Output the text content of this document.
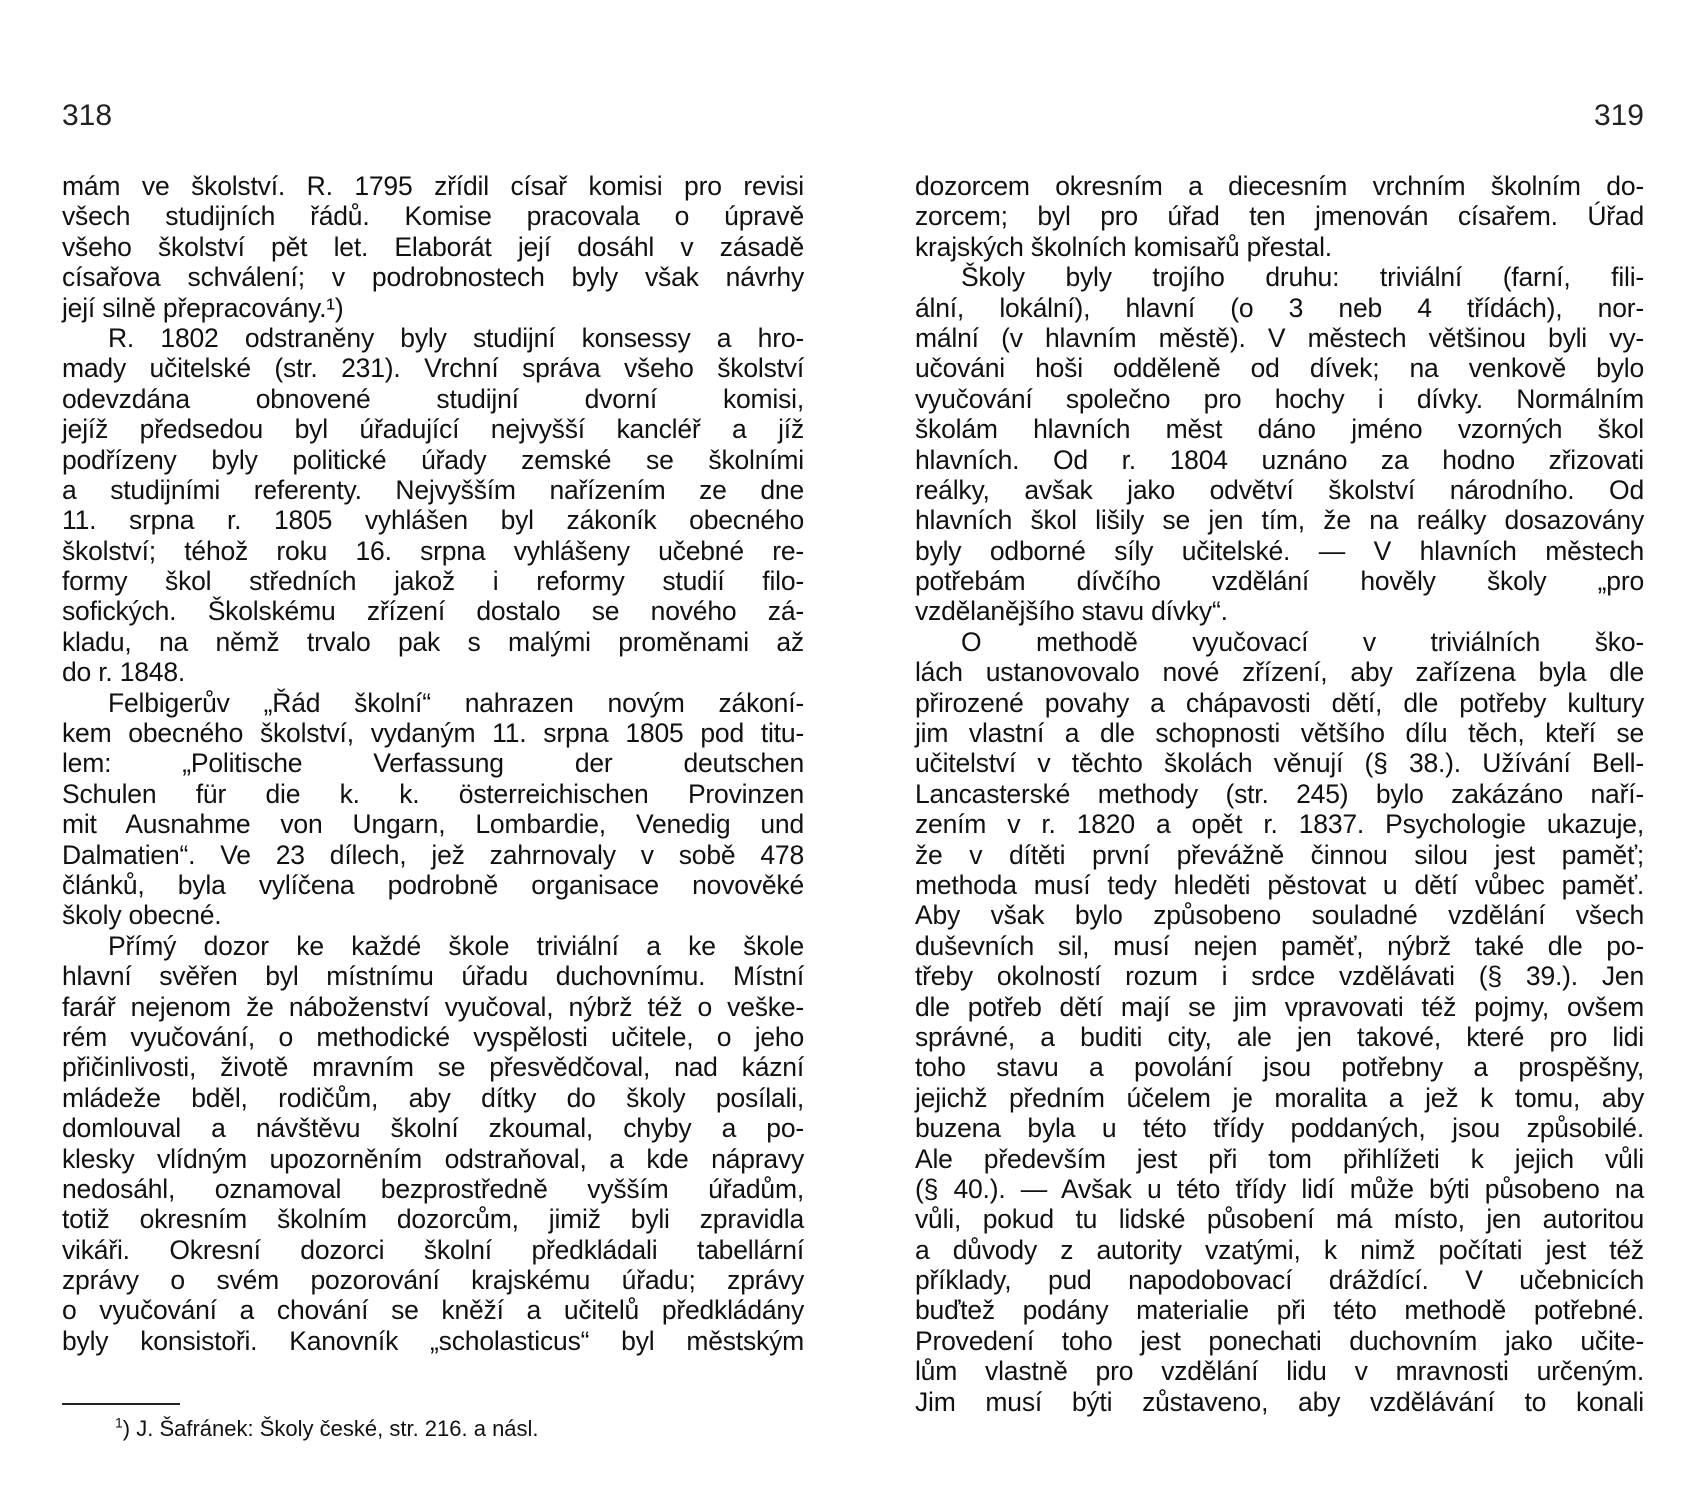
318
mám ve školství. R. 1795 zřídil císař komisi pro revisi
všech studijních řádů. Komise pracovala o úpravě
všeho školství pět let. Elaborát její dosáhl v zásadě
císařova schválení; v podrobnostech byly však návrhy
její silně přepracovány.¹)
R. 1802 odstraněny byly studijní konsessy a hro-
mady učitelské (str. 231). Vrchní správa všeho školství
odevzdána obnovené studijní dvorní komisi,
jejíž předsedou byl úřadující nejvyšší kancléř a jíž
podřízeny byly politické úřady zemské se školními
a studijními referenty. Nejvyšším nařízením ze dne
11. srpna r. 1805 vyhlášen byl zákoník obecného
školství; téhož roku 16. srpna vyhlášeny učebné re-
formy škol středních jakož i reformy studií filo-
sofických. Školskému zřízení dostalo se nového zá-
kladu, na němž trvalo pak s malými proměnami až
do r. 1848.
Felbigerův „Řád školní“ nahrazen novým zákoní-
kem obecného školství, vydaným 11. srpna 1805 pod titu-
lem: „Politische Verfassung der deutschen
Schulen für die k. k. österreichischen Provinzen
mit Ausnahme von Ungarn, Lombardie, Venedig und
Dalmatien“. Ve 23 dílech, jež zahrnovaly v sobě 478
článků, byla vylíčena podrobně organisace novověké
školy obecné.
Přímý dozor ke každé škole triviální a ke škole
hlavní svěřen byl místnímu úřadu duchovnímu. Místní
farář nejenom že náboženství vyučoval, nýbrž též o veške-
rém vyučování, o methodické vyspělosti učitele, o jeho
přičinlivosti, životě mravním se přesvědčoval, nad kázní
mládeže bděl, rodičům, aby dítky do školy posílali,
domlouval a návštěvu školní zkoumal, chyby a po-
klesky vlídným upozorněním odstraňoval, a kde nápravy
nedosáhl, oznamoval bezprostředně vyšším úřadům,
totiž okresním školním dozorcům, jimiž byli zpravidla
vikáři. Okresní dozorci školní předkládali tabellární
zprávy o svém pozorování krajskému úřadu; zprávy
o vyučování a chování se kněží a učitelů předkládány
byly konsistoři. Kanovník „scholasticus“ byl městským
$^1$) J. Šafránek: Školy české, str. 216. a násl.
319
dozorcem okresním a diecesním vrchním školním do-
zorcem; byl pro úřad ten jmenován císařem. Úřad
krajských školních komisařů přestal.
Školy byly trojího druhu: triviální (farní, fili-
ální, lokální), hlavní (o 3 neb 4 třídách), nor-
mální (v hlavním městě). V městech většinou byli vy-
učováni hoši odděleně od dívek; na venkově bylo
vyučování společno pro hochy i dívky. Normálním
školám hlavních měst dáno jméno vzorných škol
hlavních. Od r. 1804 uznáno za hodno zřizovati
reálky, avšak jako odvětví školství národního. Od
hlavních škol lišily se jen tím, že na reálky dosazovány
byly odborné síly učitelské. — V hlavních městech
potřebám dívčího vzdělání hověly školy „pro
vzdělanějšího stavu dívky“.
O methodě vyučovací v triviálních ško-
lách ustanovovalo nové zřízení, aby zařízena byla dle
přirozené povahy a chápavosti dětí, dle potřeby kultury
jim vlastní a dle schopnosti většího dílu těch, kteří se
učitelství v těchto školách věnují (§ 38.). Užívání Bell-
Lancasterské methody (str. 245) bylo zakázáno naří-
zením v r. 1820 a opět r. 1837. Psychologie ukazuje,
že v dítěti první převážně činnou silou jest paměť;
methoda musí tedy hleděti pěstovat u dětí vůbec paměť.
Aby však bylo způsobeno souladné vzdělání všech
duševních sil, musí nejen paměť, nýbrž také dle po-
třeby okolností rozum i srdce vzdělávati (§ 39.). Jen
dle potřeb dětí mají se jim vpravovati též pojmy, ovšem
správné, a buditi city, ale jen takové, které pro lidi
toho stavu a povolání jsou potřebny a prospěšny,
jejichž předním účelem je moralita a jež k tomu, aby
buzena byla u této třídy poddaných, jsou způsobilé.
Ale především jest při tom přihlížeti k jejich vůli
(§ 40.). — Avšak u této třídy lidí může býti působeno na
vůli, pokud tu lidské působení má místo, jen autoritou
a důvody z autority vzatými, k nimž počítati jest též
příklady, pud napodobovací dráždící. V učebnicích
buďtež podány materialie při této methodě potřebné.
Provedení toho jest ponechati duchovním jako učite-
lům vlastně pro vzdělání lidu v mravnosti určeným.
Jim musí býti zůstaveno, aby vzdělávání to konali
